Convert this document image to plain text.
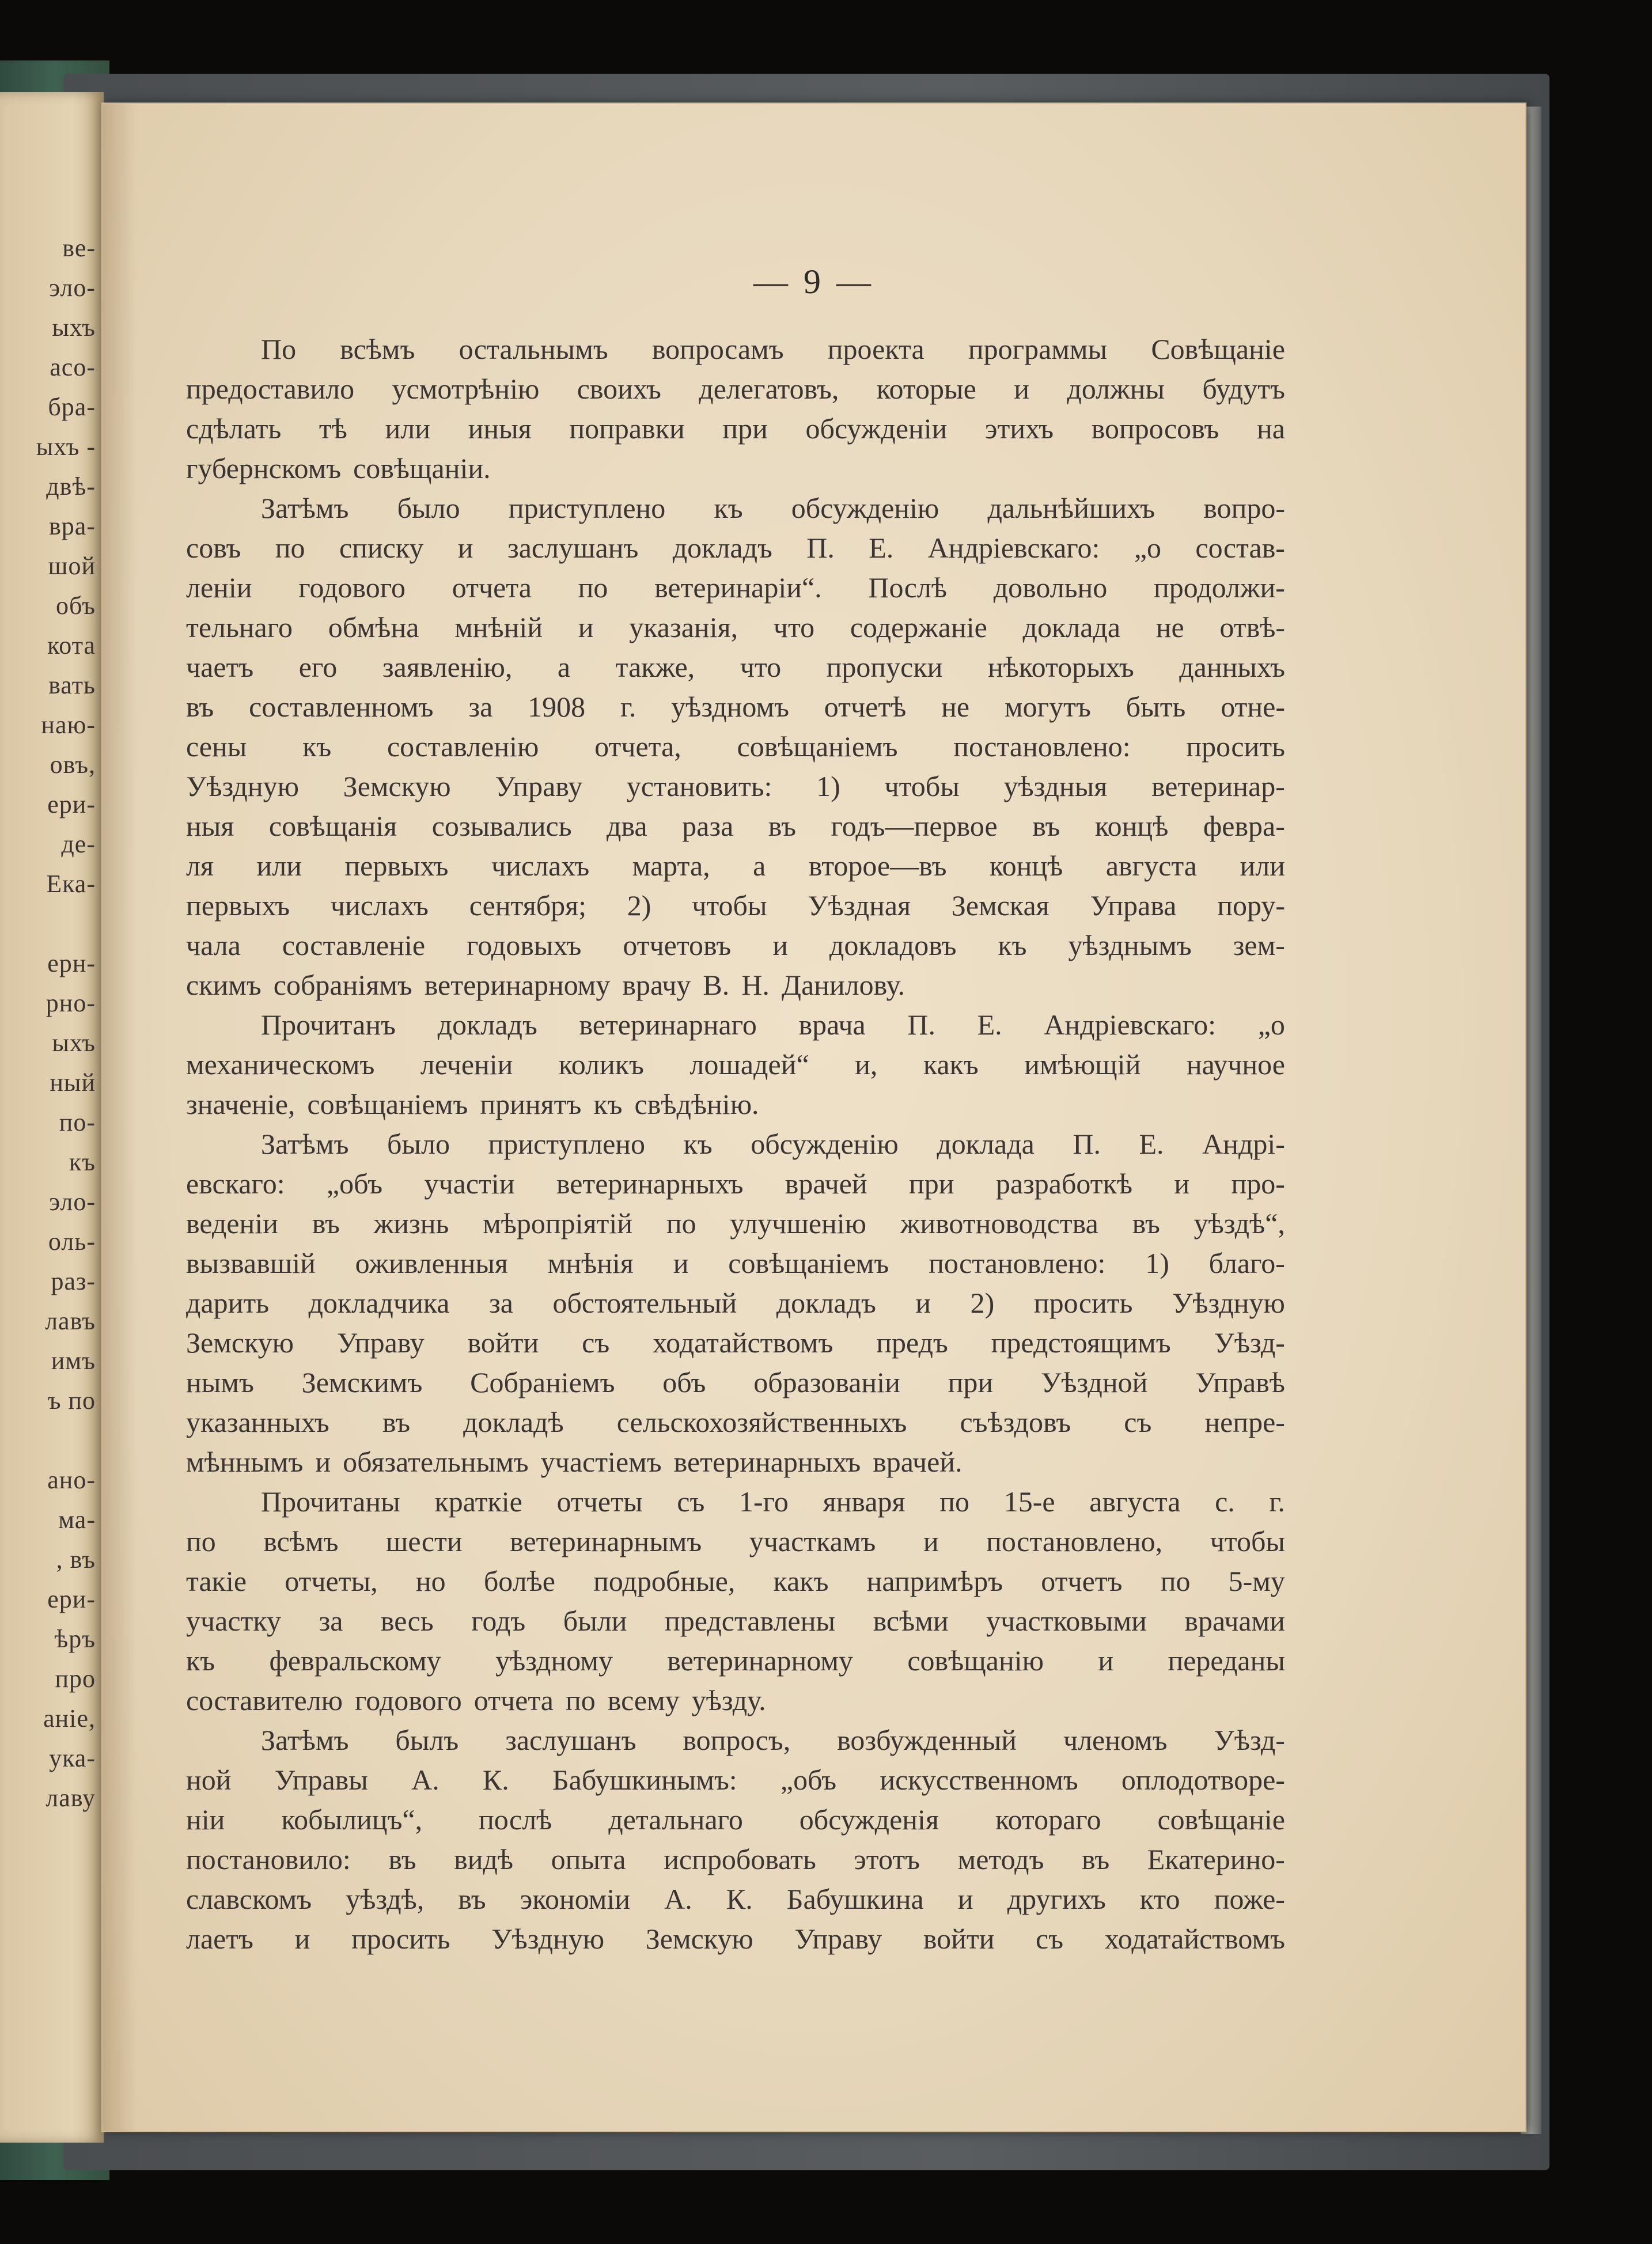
ве-
эло-
ыхъ
асо-
бра-
ыхъ -
двѣ-
вра-
шой
объ
кота
вать
наю-
овъ,
ери-
де-
Ека-
ерн-
рно-
ыхъ
ный
по-
къ
эло-
оль-
раз-
лавъ
имъ
ъ по
ано-
ма-
, въ
ери-
ѣръ
про
аніе,
ука-
лаву
— 9 —
По всѣмъ остальнымъ вопросамъ проекта программы Совѣщаніе
предоставило усмотрѣнію своихъ делегатовъ, которые и должны будутъ
сдѣлать тѣ или иныя поправки при обсужденіи этихъ вопросовъ на
губернскомъ совѣщаніи.
Затѣмъ было приступлено къ обсужденію дальнѣйшихъ вопро-
совъ по списку и заслушанъ докладъ П. Е. Андріевскаго: „о состав-
леніи годового отчета по ветеринаріи“. Послѣ довольно продолжи-
тельнаго обмѣна мнѣній и указанія, что содержаніе доклада не отвѣ-
чаетъ его заявленію, а также, что пропуски нѣкоторыхъ данныхъ
въ составленномъ за 1908 г. уѣздномъ отчетѣ не могутъ быть отне-
сены къ составленію отчета, совѣщаніемъ постановлено: просить
Уѣздную Земскую Управу установить: 1) чтобы уѣздныя ветеринар-
ныя совѣщанія созывались два раза въ годъ—первое въ концѣ февра-
ля или первыхъ числахъ марта, а второе—въ концѣ августа или
первыхъ числахъ сентября; 2) чтобы Уѣздная Земская Управа пору-
чала составленіе годовыхъ отчетовъ и докладовъ къ уѣзднымъ зем-
скимъ собраніямъ ветеринарному врачу В. Н. Данилову.
Прочитанъ докладъ ветеринарнаго врача П. Е. Андріевскаго: „о
механическомъ леченіи коликъ лошадей“ и, какъ имѣющій научное
значеніе, совѣщаніемъ принятъ къ свѣдѣнію.
Затѣмъ было приступлено къ обсужденію доклада П. Е. Андрі-
евскаго: „объ участіи ветеринарныхъ врачей при разработкѣ и про-
веденіи въ жизнь мѣропріятій по улучшенію животноводства въ уѣздѣ“,
вызвавшій оживленныя мнѣнія и совѣщаніемъ постановлено: 1) благо-
дарить докладчика за обстоятельный докладъ и 2) просить Уѣздную
Земскую Управу войти съ ходатайствомъ предъ предстоящимъ Уѣзд-
нымъ Земскимъ Собраніемъ объ образованіи при Уѣздной Управѣ
указанныхъ въ докладѣ сельскохозяйственныхъ съѣздовъ съ непре-
мѣннымъ и обязательнымъ участіемъ ветеринарныхъ врачей.
Прочитаны краткіе отчеты съ 1-го января по 15-е августа с. г.
по всѣмъ шести ветеринарнымъ участкамъ и постановлено, чтобы
такіе отчеты, но болѣе подробные, какъ напримѣръ отчетъ по 5-му
участку за весь годъ были представлены всѣми участковыми врачами
къ февральскому уѣздному ветеринарному совѣщанію и переданы
составителю годового отчета по всему уѣзду.
Затѣмъ былъ заслушанъ вопросъ, возбужденный членомъ Уѣзд-
ной Управы А. К. Бабушкинымъ: „объ искусственномъ оплодотворе-
ніи кобылицъ“, послѣ детальнаго обсужденія котораго совѣщаніе
постановило: въ видѣ опыта испробовать этотъ методъ въ Екатерино-
славскомъ уѣздѣ, въ экономіи А. К. Бабушкина и другихъ кто поже-
лаетъ и просить Уѣздную Земскую Управу войти съ ходатайствомъ
